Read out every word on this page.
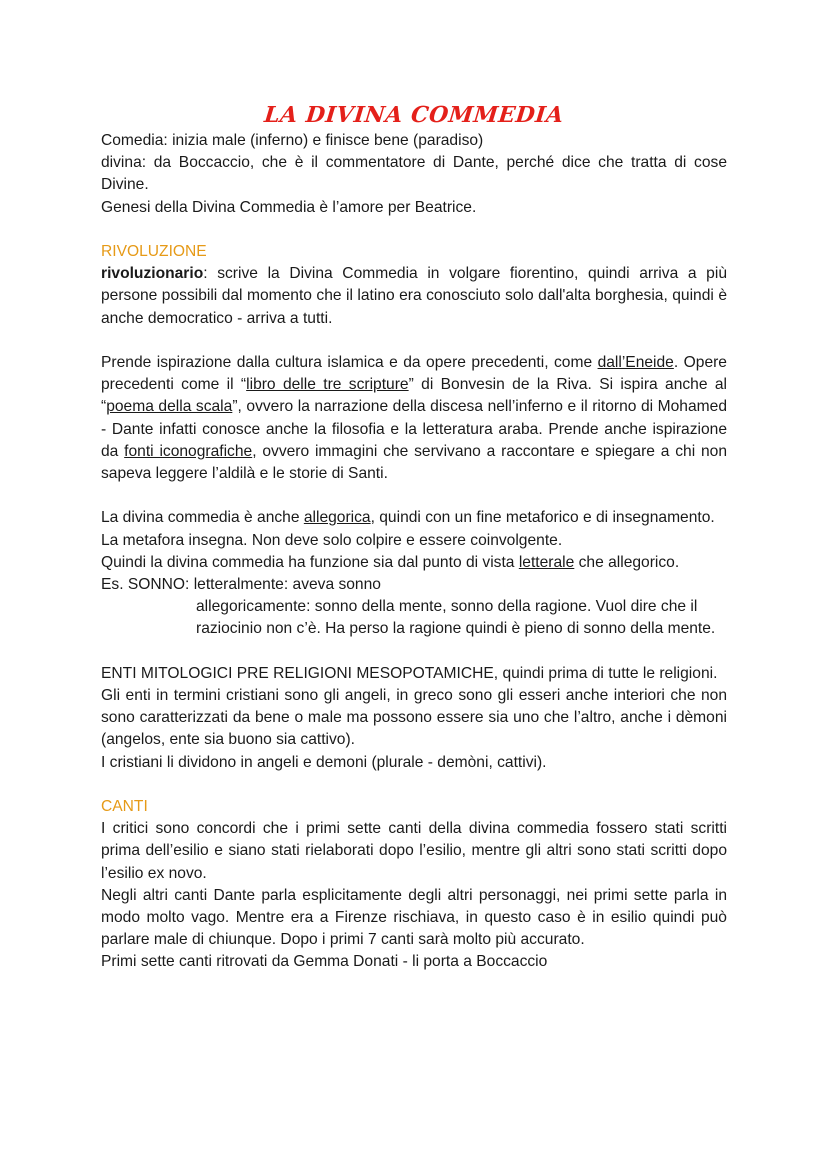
LA DIVINA COMMEDIA

Comedia: inizia male (inferno) e finisce bene (paradiso)

divina: da Boccaccio, che è il commentatore di Dante, perché dice che tratta di cose Divine.

Genesi della Divina Commedia è l’amore per Beatrice.

RIVOLUZIONE

rivoluzionario: scrive la Divina Commedia in volgare fiorentino, quindi arriva a più persone possibili dal momento che il latino era conosciuto solo dall'alta borghesia, quindi è anche democratico - arriva a tutti.

Prende ispirazione dalla cultura islamica e da opere precedenti, come dall’Eneide. Opere precedenti come il “libro delle tre scripture” di Bonvesin de la Riva. Si ispira anche al “poema della scala”, ovvero la narrazione della discesa nell’inferno e il ritorno di Mohamed - Dante infatti conosce anche la filosofia e la letteratura araba. Prende anche ispirazione da fonti iconografiche, ovvero immagini che servivano a raccontare e spiegare a chi non sapeva leggere l’aldilà e le storie di Santi.

La divina commedia è anche allegorica, quindi con un fine metaforico e di insegnamento.

La metafora insegna. Non deve solo colpire e essere coinvolgente.

Quindi la divina commedia ha funzione sia dal punto di vista letterale che allegorico.

Es. SONNO: letteralmente: aveva sonno

allegoricamente: sonno della mente, sonno della ragione. Vuol dire che il raziocinio non c’è. Ha perso la ragione quindi è pieno di sonno della mente.

ENTI MITOLOGICI PRE RELIGIONI MESOPOTAMICHE, quindi prima di tutte le religioni.

Gli enti in termini cristiani sono gli angeli, in greco sono gli esseri anche interiori che non sono caratterizzati da bene o male ma possono essere sia uno che l’altro, anche i dèmoni (angelos, ente sia buono sia cattivo).

I cristiani li dividono in angeli e demoni (plurale - demòni, cattivi).

CANTI

I critici sono concordi che i primi sette canti della divina commedia fossero stati scritti prima dell’esilio e siano stati rielaborati dopo l’esilio, mentre gli altri sono stati scritti dopo l’esilio ex novo.

Negli altri canti Dante parla esplicitamente degli altri personaggi, nei primi sette parla in modo molto vago. Mentre era a Firenze rischiava, in questo caso è in esilio quindi può parlare male di chiunque. Dopo i primi 7 canti sarà molto più accurato.

Primi sette canti ritrovati da Gemma Donati - li porta a Boccaccio
